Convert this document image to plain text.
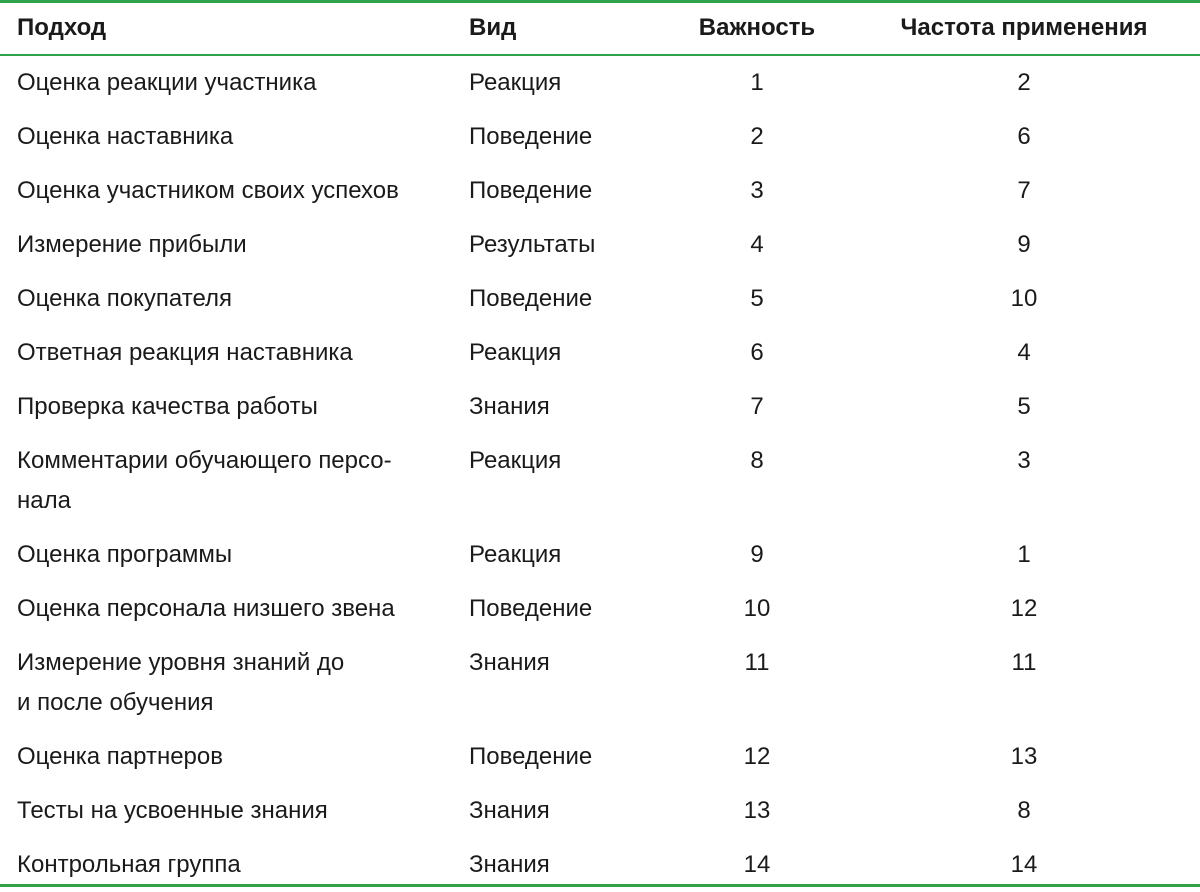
Подход	Вид	Важность	Частота применения

Оценка реакции участника	Реакция	1	2

Оценка наставника	Поведение	2	6

Оценка участником своих успехов	Поведение	3	7

Измерение прибыли	Результаты	4	9

Оценка покупателя	Поведение	5	10

Ответная реакция наставника	Реакция	6	4

Проверка качества работы	Знания	7	5

Комментарии обучающего персо-
нала	Реакция	8	3

Оценка программы	Реакция	9	1

Оценка персонала низшего звена	Поведение	10	12

Измерение уровня знаний до
и после обучения	Знания	11	11

Оценка партнеров	Поведение	12	13

Тесты на усвоенные знания	Знания	13	8

Контрольная группа	Знания	14	14
